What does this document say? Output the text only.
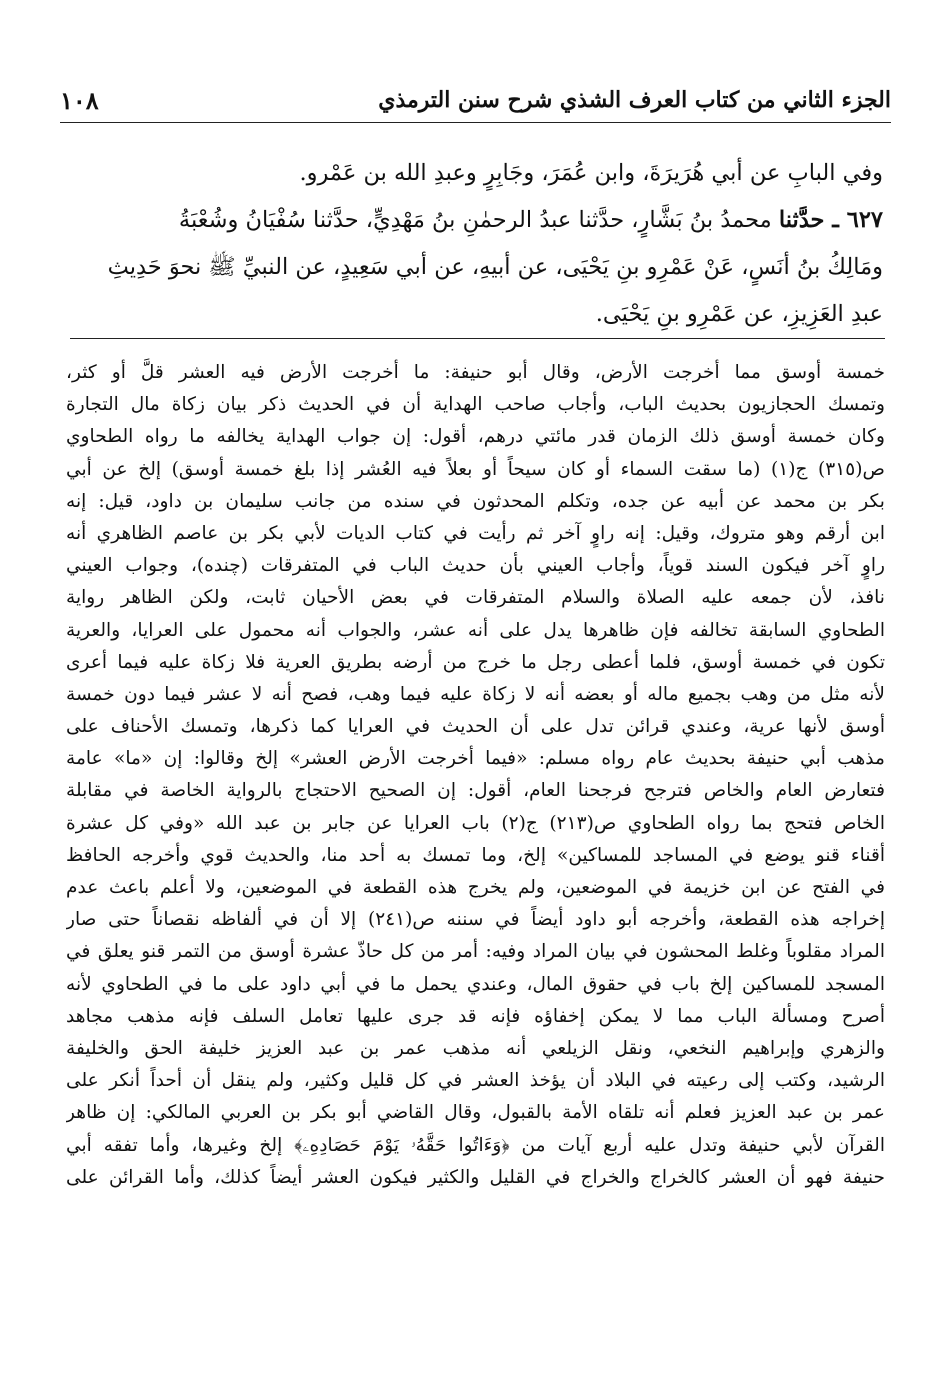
الجزء الثاني من كتاب العرف الشذي شرح سنن الترمذي
١٠٨
وفي البابِ عن أبي هُرَيرَةَ، وابن عُمَرَ، وجَابِرٍ وعبدِ الله بن عَمْرو.
٦٢٧ ـ حدَّثنا محمدُ بنُ بَشَّارٍ، حدَّثنا عبدُ الرحمٰنِ بنُ مَهْدِيٍّ، حدَّثنا سُفْيَانُ وشُعْبَةُ
ومَالِكُ بنُ أنَسٍ، عَنْ عَمْرِو بنِ يَحْيَى، عن أبيهِ، عن أبي سَعِيدٍ، عن النبيِّ ﷺ نحوَ حَدِيثِ
عبدِ العَزِيزِ، عن عَمْرِو بنِ يَحْيَى.
خمسة أوسق مما أخرجت الأرض، وقال أبو حنيفة: ما أخرجت الأرض فيه العشر قلَّ أو كثر،
وتمسك الحجازيون بحديث الباب، وأجاب صاحب الهداية أن في الحديث ذكر بيان زكاة مال التجارة
وكان خمسة أوسق ذلك الزمان قدر مائتي درهم، أقول: إن جواب الهداية يخالفه ما رواه الطحاوي
ص(٣١٥) ج(١) (ما سقت السماء أو كان سيحاً أو بعلاً فيه العُشر إذا بلغ خمسة أوسق) إلخ عن أبي
بكر بن محمد عن أبيه عن جده، وتكلم المحدثون في سنده من جانب سليمان بن داود، قيل: إنه
ابن أرقم وهو متروك، وقيل: إنه راوٍ آخر ثم رأيت في كتاب الديات لأبي بكر بن عاصم الظاهري أنه
راوٍ آخر فيكون السند قوياً، وأجاب العيني بأن حديث الباب في المتفرقات (چنده)، وجواب العيني
نافذ، لأن جمعه عليه الصلاة والسلام المتفرقات في بعض الأحيان ثابت، ولكن الظاهر رواية
الطحاوي السابقة تخالفه فإن ظاهرها يدل على أنه عشر، والجواب أنه محمول على العرايا، والعرية
تكون في خمسة أوسق، فلما أعطى رجل ما خرج من أرضه بطريق العرية فلا زكاة عليه فيما أعرى
لأنه مثل من وهب بجميع ماله أو بعضه أنه لا زكاة عليه فيما وهب، فصح أنه لا عشر فيما دون خمسة
أوسق لأنها عرية، وعندي قرائن تدل على أن الحديث في العرايا كما ذكرها، وتمسك الأحناف على
مذهب أبي حنيفة بحديث عام رواه مسلم: «فيما أخرجت الأرض العشر» إلخ وقالوا: إن «ما» عامة
فتعارض العام والخاص فترجح فرجحنا العام، أقول: إن الصحيح الاحتجاج بالرواية الخاصة في مقابلة
الخاص فتحج بما رواه الطحاوي ص(٢١٣) ج(٢) باب العرايا عن جابر بن عبد الله «وفي كل عشرة
أقناء قنو يوضع في المساجد للمساكين» إلخ، وما تمسك به أحد منا، والحديث قوي وأخرجه الحافظ
في الفتح عن ابن خزيمة في الموضعين، ولم يخرج هذه القطعة في الموضعين، ولا أعلم باعث عدم
إخراجه هذه القطعة، وأخرجه أبو داود أيضاً في سننه ص(٢٤١) إلا أن في ألفاظه نقصاناً حتى صار
المراد مقلوباً وغلط المحشون في بيان المراد وفيه: أمر من كل حاذّ عشرة أوسق من التمر قنو يعلق في
المسجد للمساكين إلخ باب في حقوق المال، وعندي يحمل ما في أبي داود على ما في الطحاوي لأنه
أصرح ومسألة الباب مما لا يمكن إخفاؤه فإنه قد جرى عليها تعامل السلف فإنه مذهب مجاهد
والزهري وإبراهيم النخعي، ونقل الزيلعي أنه مذهب عمر بن عبد العزيز خليفة الحق والخليفة
الرشيد، وكتب إلى رعيته في البلاد أن يؤخذ العشر في كل قليل وكثير، ولم ينقل أن أحداً أنكر على
عمر بن عبد العزيز فعلم أنه تلقاه الأمة بالقبول، وقال القاضي أبو بكر بن العربي المالكي: إن ظاهر
القرآن لأبي حنيفة وتدل عليه أربع آيات من ﴿وَءَاتُوا حَقَّهُۥ يَوْمَ حَصَادِهِۦ﴾ إلخ وغيرها، وأما تفقه أبي
حنيفة فهو أن العشر كالخراج والخراج في القليل والكثير فيكون العشر أيضاً كذلك، وأما القرائن على
